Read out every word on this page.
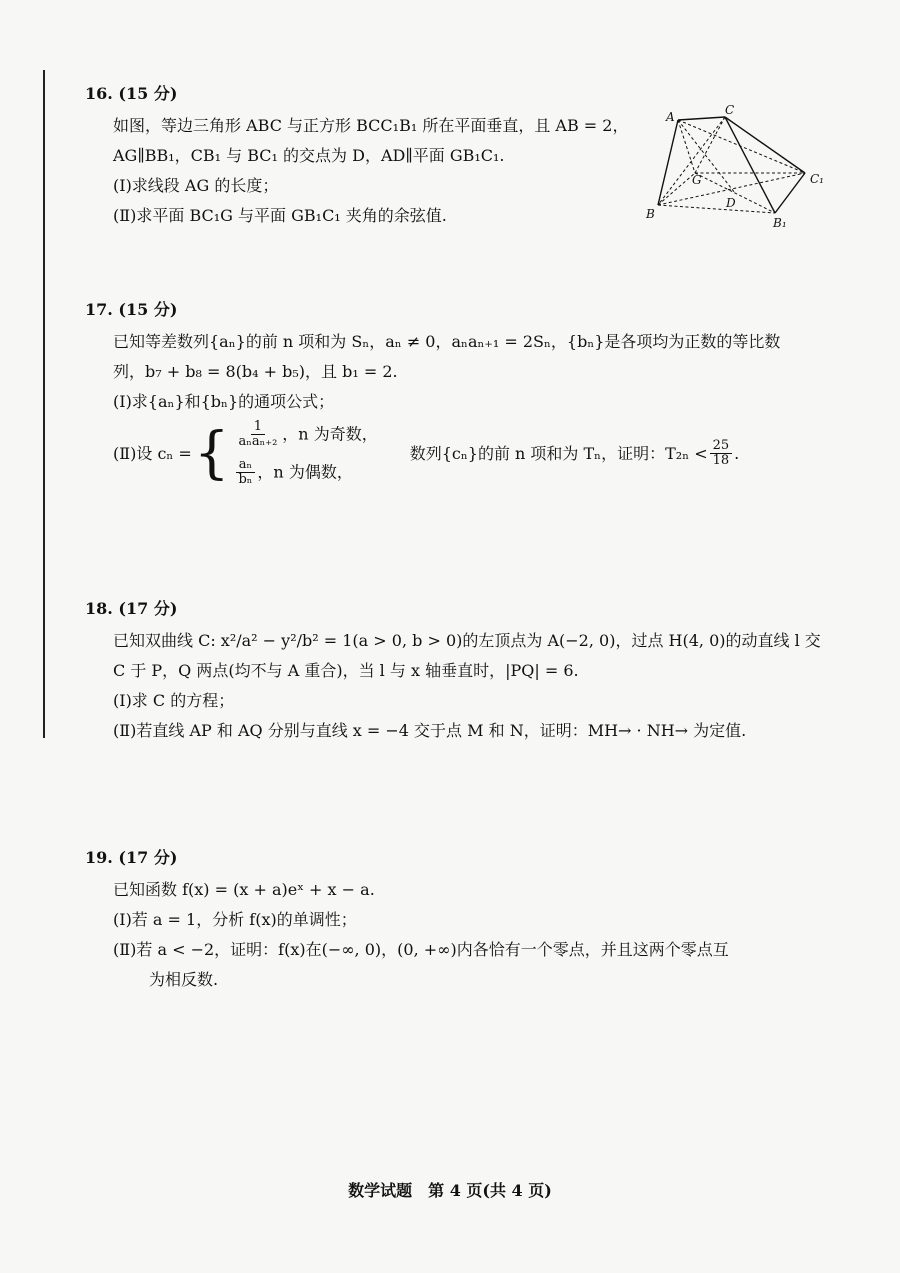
16. (15 分)
如图，等边三角形 ABC 与正方形 BCC₁B₁ 所在平面垂直，且 AB = 2，
AG∥BB₁，CB₁ 与 BC₁ 的交点为 D，AD∥平面 GB₁C₁.
(Ⅰ)求线段 AG 的长度；
(Ⅱ)求平面 BC₁G 与平面 GB₁C₁ 夹角的余弦值.
A	C
G	C₁
D
B
B₁
17. (15 分)
已知等差数列{aₙ}的前 n 项和为 Sₙ，aₙ ≠ 0，aₙaₙ₊₁ = 2Sₙ，{bₙ}是各项均为正数的等比数
列，b₇ + b₈ = 8(b₄ + b₅)，且 b₁ = 2.
(Ⅰ)求{aₙ}和{bₙ}的通项公式；
(Ⅱ)设 cₙ = { $\frac{1}{\text{aₙaₙ₊₂}}$ ，n 为奇数，
$\frac{\text{aₙ}}{\text{bₙ}}$ ，n 为偶数，
数列{cₙ}的前 n 项和为 Tₙ，证明：$T_{2n} < \frac{25}{18}$ .
18. (17 分)
已知双曲线 C: x²/a² − y²/b² = 1(a > 0, b > 0)的左顶点为 A(−2, 0)，过点 H(4, 0)的动直线 l 交
C 于 P，Q 两点(均不与 A 重合)，当 l 与 x 轴垂直时，|PQ| = 6.
(Ⅰ)求 C 的方程；
(Ⅱ)若直线 AP 和 AQ 分别与直线 x = −4 交于点 M 和 N，证明：MH→ · NH→ 为定值.
19. (17 分)
已知函数 f(x) = (x + a)eˣ + x − a.
(Ⅰ)若 a = 1，分析 f(x)的单调性；
(Ⅱ)若 a < −2，证明：f(x)在(−∞, 0)，(0, +∞)内各恰有一个零点，并且这两个零点互
为相反数.
数学试题　第 4 页(共 4 页)
